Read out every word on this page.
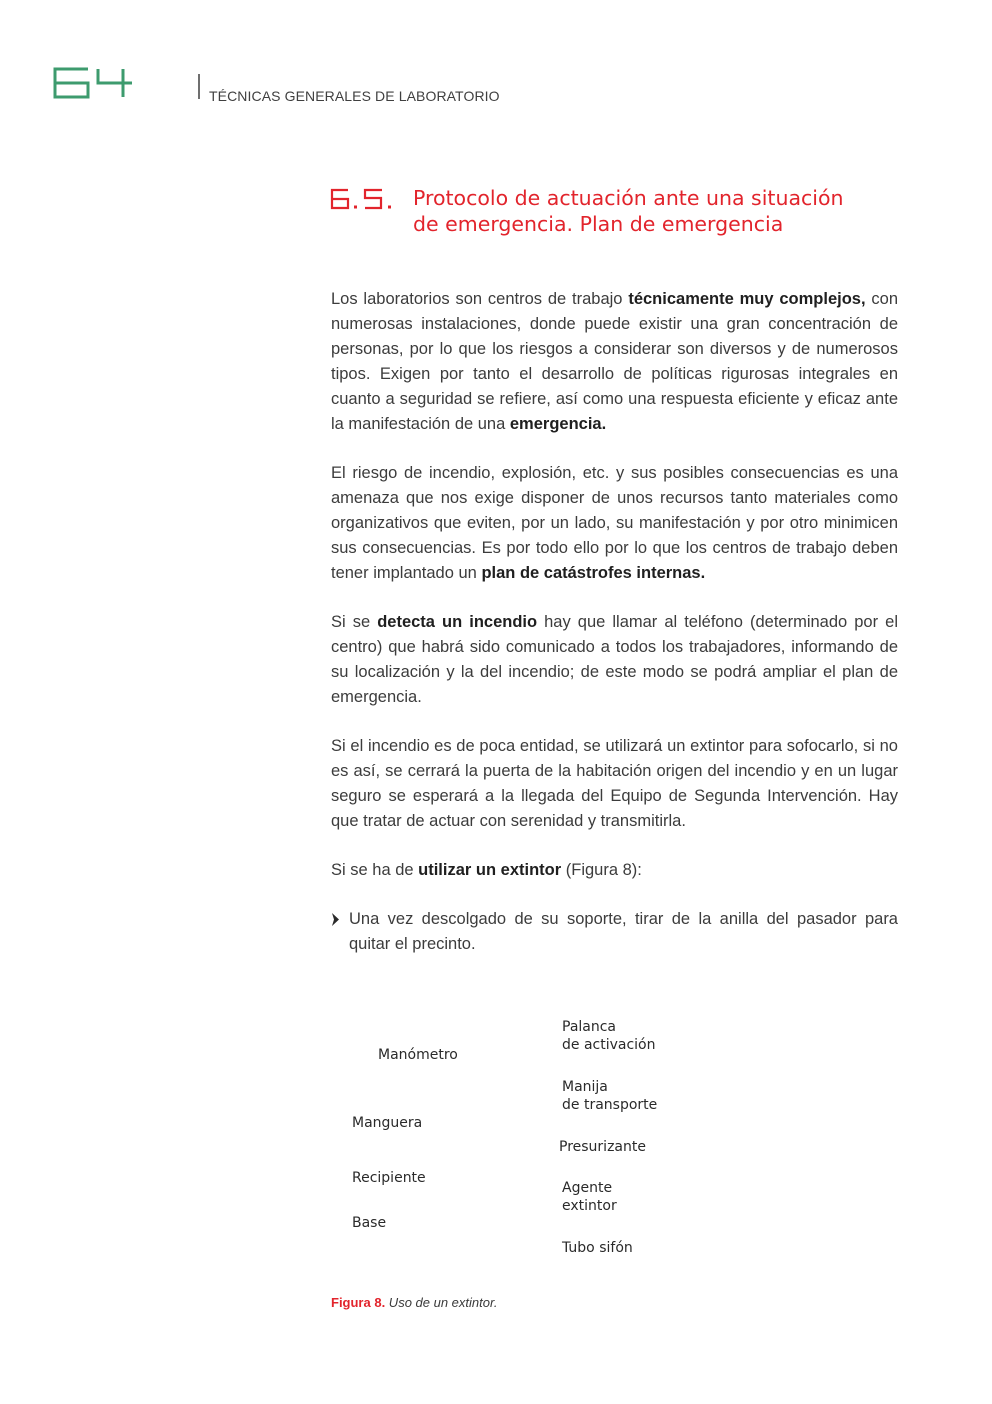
TÉCNICAS GENERALES DE LABORATORIO
Protocolo de actuación ante una situación de emergencia. Plan de emergencia

Los laboratorios son centros de trabajo técnicamente muy complejos, con numerosas instalaciones, donde puede existir una gran concentración de personas, por lo que los riesgos a considerar son diversos y de numerosos tipos. Exigen por tanto el desarrollo de políticas rigurosas integrales en cuanto a seguridad se refiere, así como una respuesta eficiente y eficaz ante la manifestación de una emergencia.

El riesgo de incendio, explosión, etc. y sus posibles consecuencias es una amenaza que nos exige disponer de unos recursos tanto materiales como organizativos que eviten, por un lado, su manifestación y por otro minimicen sus consecuencias. Es por todo ello por lo que los centros de trabajo deben tener implantado un plan de catástrofes internas.

Si se detecta un incendio hay que llamar al teléfono (determinado por el centro) que habrá sido comunicado a todos los trabajadores, informando de su localización y la del incendio; de este modo se podrá ampliar el plan de emergencia.

Si el incendio es de poca entidad, se utilizará un extintor para sofocarlo, si no es así, se cerrará la puerta de la habitación origen del incendio y en un lugar seguro se esperará a la llegada del Equipo de Segunda Intervención. Hay que tratar de actuar con serenidad y transmitirla.

Si se ha de utilizar un extintor (Figura 8):

Una vez descolgado de su soporte, tirar de la anilla del pasador para quitar el precinto.

Manómetro
Manguera
Recipiente
Base
Palanca
de activación
Manija
de transporte
Presurizante
Agente
extintor
Tubo sifón
Figura 8. Uso de un extintor.
